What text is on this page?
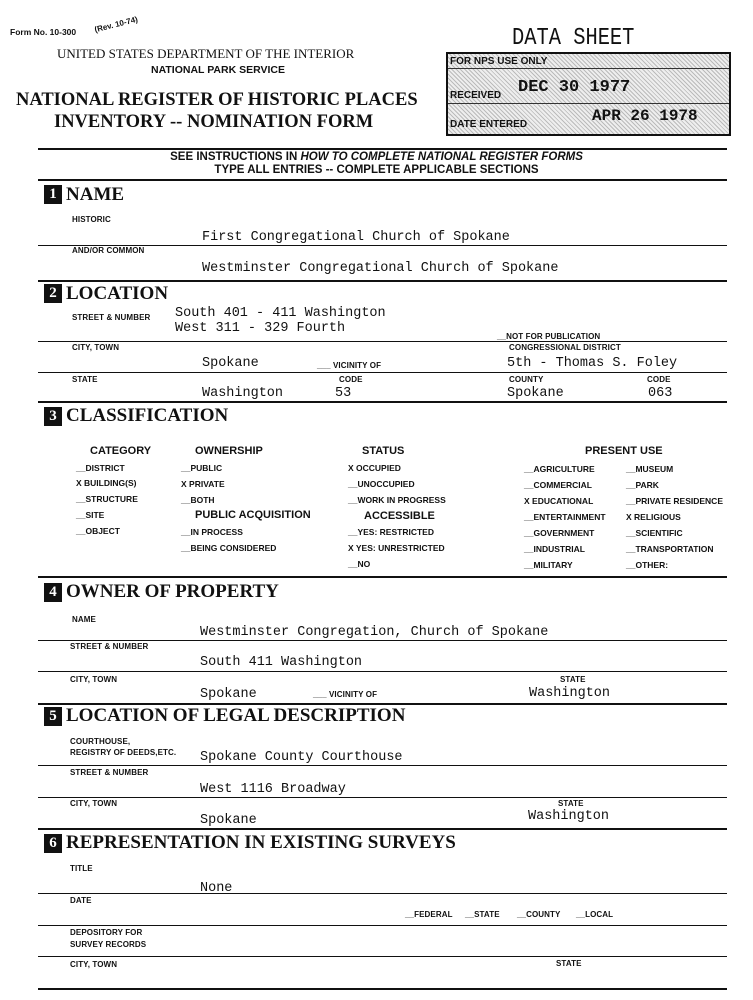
Form No. 10-300 (Rev. 10-74)
UNITED STATES DEPARTMENT OF THE INTERIOR
NATIONAL PARK SERVICE
NATIONAL REGISTER OF HISTORIC PLACES
INVENTORY -- NOMINATION FORM
DATA SHEET
FOR NPS USE ONLY
RECEIVED DEC 30 1977
DATE ENTERED	APR 26 1978
SEE INSTRUCTIONS IN HOW TO COMPLETE NATIONAL REGISTER FORMS
TYPE ALL ENTRIES -- COMPLETE APPLICABLE SECTIONS
1 NAME
HISTORIC
First Congregational Church of Spokane
AND/OR COMMON
Westminster Congregational Church of Spokane
2 LOCATION
STREET & NUMBER South 401 - 411 Washington
West 311 - 329 Fourth
__NOT FOR PUBLICATION
CITY, TOWN	CONGRESSIONAL DISTRICT
Spokane	___ VICINITY OF	5th - Thomas S. Foley
STATE	CODE	COUNTY	CODE
Washington	53	Spokane	063
3 CLASSIFICATION
CATEGORY	OWNERSHIP	STATUS	PRESENT USE
__DISTRICT
X BUILDING(S)
__STRUCTURE
__SITE
__OBJECT
__PUBLIC
X PRIVATE
__BOTH
PUBLIC ACQUISITION
__IN PROCESS
__BEING CONSIDERED
X OCCUPIED
__UNOCCUPIED
__WORK IN PROGRESS
ACCESSIBLE
__YES: RESTRICTED
X YES: UNRESTRICTED
__NO
__AGRICULTURE
__COMMERCIAL
X EDUCATIONAL
__ENTERTAINMENT
__GOVERNMENT
__INDUSTRIAL
__MILITARY
__MUSEUM
__PARK
__PRIVATE RESIDENCE
X RELIGIOUS
__SCIENTIFIC
__TRANSPORTATION
__OTHER:
4 OWNER OF PROPERTY
NAME
Westminster Congregation, Church of Spokane
STREET & NUMBER
South 411 Washington
CITY, TOWN	STATE
Spokane	___ VICINITY OF	Washington
5 LOCATION OF LEGAL DESCRIPTION
COURTHOUSE,
REGISTRY OF DEEDS,ETC. Spokane County Courthouse
STREET & NUMBER
West 1116 Broadway
CITY, TOWN	STATE
Spokane	Washington
6 REPRESENTATION IN EXISTING SURVEYS
TITLE
None
DATE
__FEDERAL __STATE __COUNTY __LOCAL
DEPOSITORY FOR
SURVEY RECORDS
CITY, TOWN	STATE
